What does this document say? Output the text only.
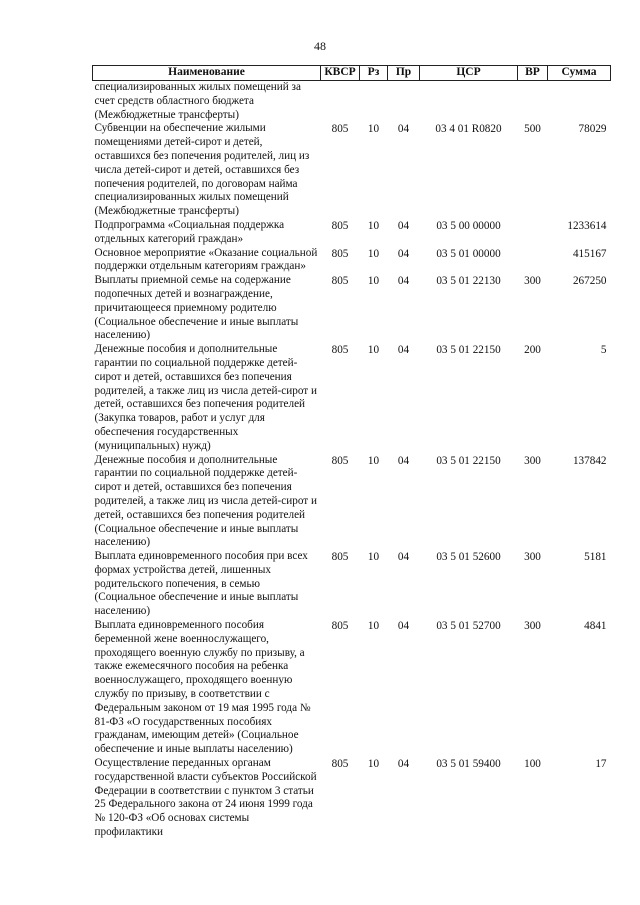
48
Наименование	КВСР	Рз	Пр	ЦСР	ВР	Сумма
специализированных жилых помещений за счет средств областного бюджета (Межбюджетные трансферты)						
Субвенции на обеспечение жилыми помещениями детей-сирот и детей, оставшихся без попечения родителей, лиц из числа детей-сирот и детей, оставшихся без попечения родителей, по договорам найма специализированных жилых помещений (Межбюджетные трансферты)	805	10	04	03 4 01 R0820	500	78029
Подпрограмма «Социальная поддержка отдельных категорий граждан»	805	10	04	03 5 00 00000		1233614
Основное мероприятие «Оказание социальной поддержки отдельным категориям граждан»	805	10	04	03 5 01 00000		415167
Выплаты приемной семье на содержание подопечных детей и вознаграждение, причитающееся приемному родителю (Социальное обеспечение и иные выплаты населению)	805	10	04	03 5 01 22130	300	267250
Денежные пособия и дополнительные гарантии по социальной поддержке детей-сирот и детей, оставшихся без попечения родителей, а также лиц из числа детей-сирот и детей, оставшихся без попечения родителей (Закупка товаров, работ и услуг для обеспечения государственных (муниципальных) нужд)	805	10	04	03 5 01 22150	200	5
Денежные пособия и дополнительные гарантии по социальной поддержке детей-сирот и детей, оставшихся без попечения родителей, а также лиц из числа детей-сирот и детей, оставшихся без попечения родителей (Социальное обеспечение и иные выплаты населению)	805	10	04	03 5 01 22150	300	137842
Выплата единовременного пособия при всех формах устройства детей, лишенных родительского попечения, в семью (Социальное обеспечение и иные выплаты населению)	805	10	04	03 5 01 52600	300	5181
Выплата единовременного пособия беременной жене военнослужащего, проходящего военную службу по призыву, а также ежемесячного пособия на ребенка военнослужащего, проходящего военную службу по призыву, в соответствии с Федеральным законом от 19 мая 1995 года № 81-ФЗ «О государственных пособиях гражданам, имеющим детей» (Социальное обеспечение и иные выплаты населению)	805	10	04	03 5 01 52700	300	4841
Осуществление переданных органам государственной власти субъектов Российской Федерации в соответствии с пунктом 3 статьи 25 Федерального закона от 24 июня 1999 года № 120-ФЗ «Об основах системы профилактики	805	10	04	03 5 01 59400	100	17
